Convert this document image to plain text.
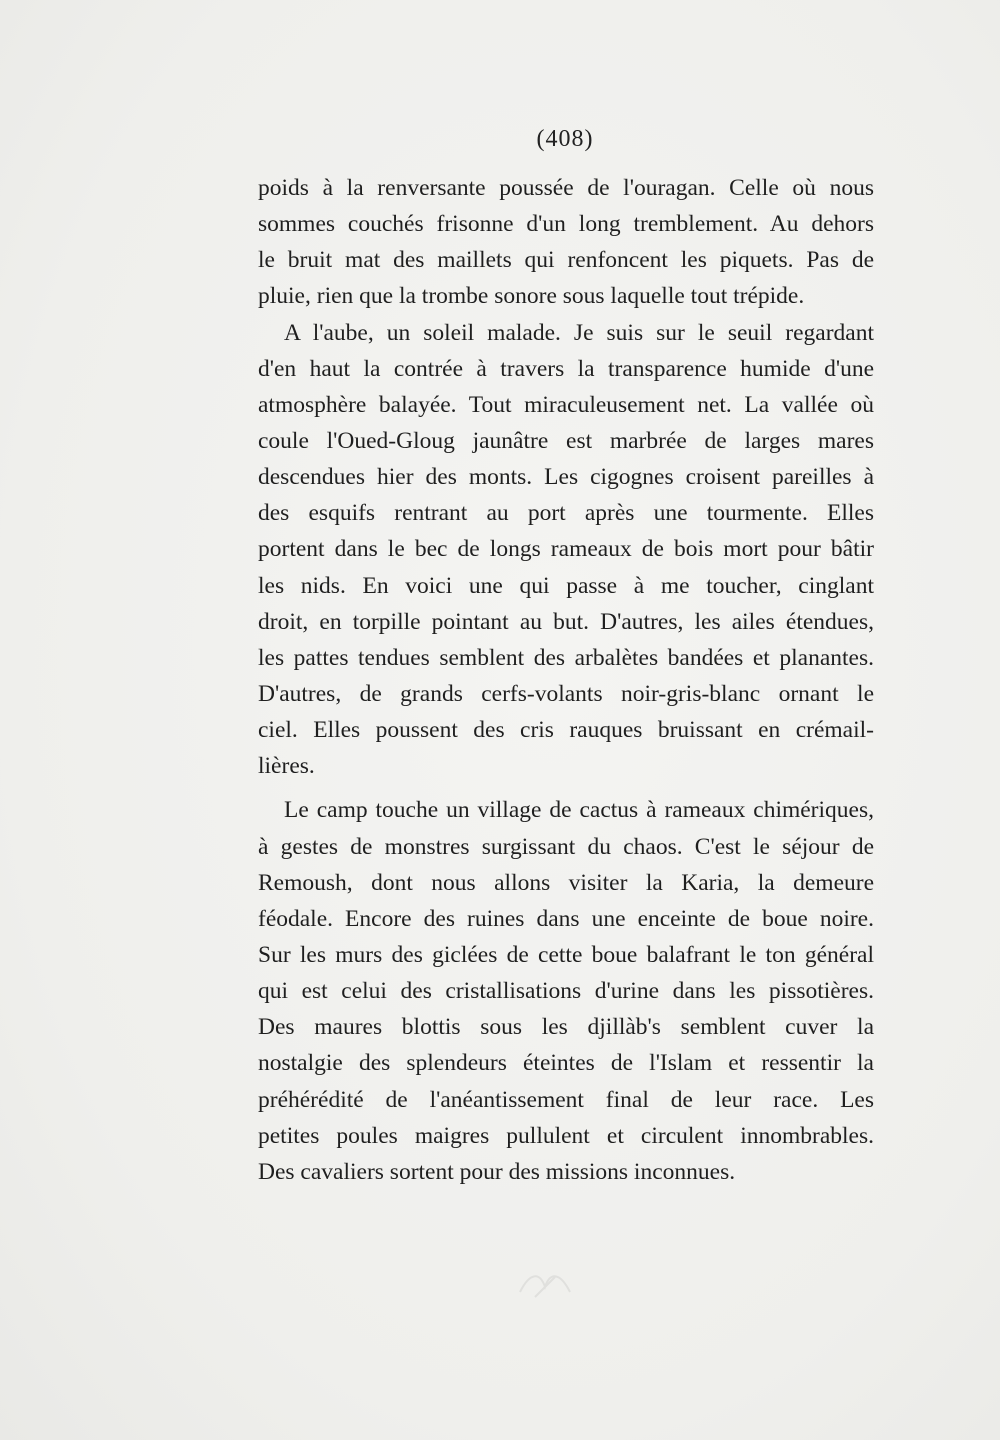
(408)
poids à la renversante poussée de l'ouragan. Celle où nous
sommes couchés frisonne d'un long tremblement. Au dehors
le bruit mat des maillets qui renfoncent les piquets. Pas de
pluie, rien que la trombe sonore sous laquelle tout trépide.
A l'aube, un soleil malade. Je suis sur le seuil regardant
d'en haut la contrée à travers la transparence humide d'une
atmosphère balayée. Tout miraculeusement net. La vallée où
coule l'Oued-Gloug jaunâtre est marbrée de larges mares
descendues hier des monts. Les cigognes croisent pareilles à
des esquifs rentrant au port après une tourmente. Elles
portent dans le bec de longs rameaux de bois mort pour bâtir
les nids. En voici une qui passe à me toucher, cinglant
droit, en torpille pointant au but. D'autres, les ailes étendues,
les pattes tendues semblent des arbalètes bandées et planantes.
D'autres, de grands cerfs-volants noir-gris-blanc ornant le
ciel. Elles poussent des cris rauques bruissant en crémail-
lières.
Le camp touche un village de cactus à rameaux chimériques,
à gestes de monstres surgissant du chaos. C'est le séjour de
Remoush, dont nous allons visiter la Karia, la demeure
féodale. Encore des ruines dans une enceinte de boue noire.
Sur les murs des giclées de cette boue balafrant le ton général
qui est celui des cristallisations d'urine dans les pissotières.
Des maures blottis sous les djillàb's semblent cuver la
nostalgie des splendeurs éteintes de l'Islam et ressentir la
préhérédité de l'anéantissement final de leur race. Les
petites poules maigres pullulent et circulent innombrables.
Des cavaliers sortent pour des missions inconnues.
